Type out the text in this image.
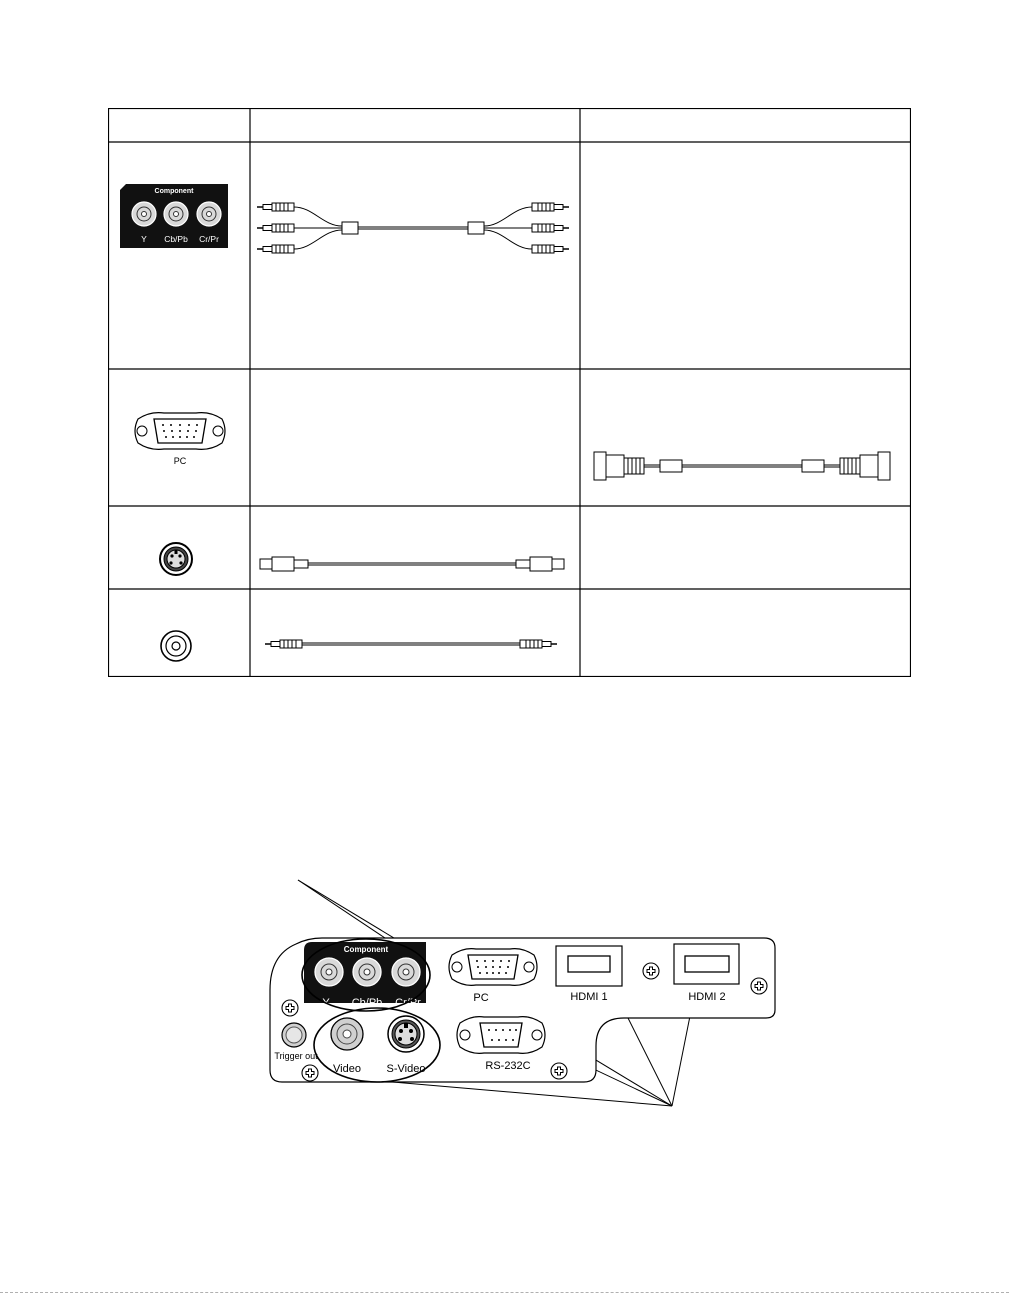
Component
Y Cb/Pb Cr/Pr
PC
Component
Y Cb/Pb Cr/Pr	PC	HDMI 1	HDMI 2
Trigger out
Video S-Video	RS-232C
